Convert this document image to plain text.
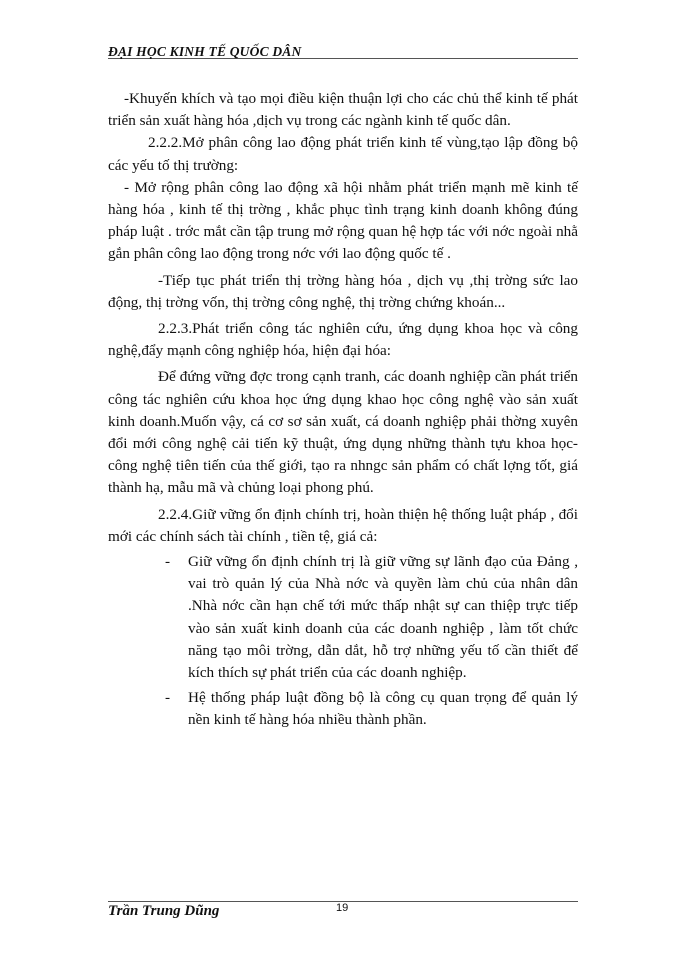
ĐẠI HỌC KINH TẾ QUỐC DÂN

-Khuyến khích và tạo mọi điều kiện thuận lợi cho các chủ thể kinh tế phát triển sản xuất hàng hóa ,dịch vụ trong các ngành kinh tế quốc dân.

2.2.2.Mở phân công lao động phát triển kinh tế vùng,tạo lập đồng bộ các yếu tố thị trường:

- Mở rộng phân công lao động xã hội nhằm phát triển mạnh mẽ kinh tế hàng hóa , kinh tế thị trờng , khắc phục tình trạng kinh doanh không đúng pháp luật . trớc mắt cần tập trung mở rộng quan hệ hợp tác với nớc ngoài nhằ gắn phân công lao động trong nớc với lao động quốc tế .

-Tiếp tục phát triển thị trờng hàng hóa , dịch vụ ,thị trờng sức lao động, thị trờng vốn, thị trờng công nghệ, thị trờng chứng khoán...

2.2.3.Phát triển công tác nghiên cứu, ứng dụng khoa học và công nghệ,đẩy mạnh công nghiệp hóa, hiện đại hóa:

Để đứng vững đợc trong cạnh tranh, các doanh nghiệp cần phát triển công tác nghiên cứu khoa học ứng dụng khao học công nghệ vào sản xuất kinh doanh.Muốn vậy, cá cơ sơ sản xuất, cá doanh nghiệp phải thờng xuyên đổi mới công nghệ cải tiến kỹ thuật, ứng dụng những thành tựu khoa học-công nghệ tiên tiến của thế giới, tạo ra nhngc sản phẩm có chất lợng tốt, giá thành hạ, mẫu mã và chủng loại phong phú.

2.2.4.Giữ vững ổn định chính trị, hoàn thiện hệ thống luật pháp , đổi mới các chính sách tài chính , tiền tệ, giá cả:

- Giữ vững ổn định chính trị là giữ vững sự lãnh đạo của Đảng , vai trò quản lý của Nhà nớc và quyền làm chủ của nhân dân .Nhà nớc cần hạn chế tới mức thấp nhật sự can thiệp trực tiếp vào sản xuất kinh doanh của các doanh nghiệp , làm tốt chức năng tạo môi trờng, dẫn dắt, hỗ trợ những yếu tố cần thiết để kích thích sự phát triển của các doanh nghiệp.
- Hệ thống pháp luật đồng bộ là công cụ quan trọng để quản lý nền kinh tế hàng hóa nhiều thành phần.
Trần Trung Dũng	19
